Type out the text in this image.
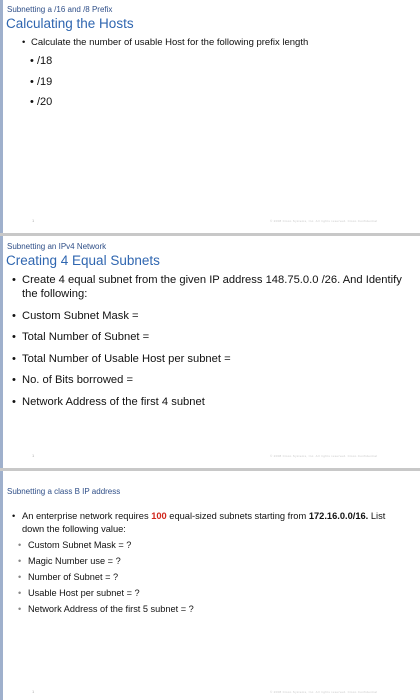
Subnetting a /16 and /8 Prefix
Calculating the Hosts
• Calculate the number of usable Host for the following prefix length
• /18
• /19
• /20
1	© 2008 Cisco Systems, Inc. All rights reserved. Cisco Confidential
Subnetting an IPv4 Network
Creating 4 Equal Subnets
• Create 4 equal subnet from the given IP address 148.75.0.0 /26. And Identify the following:
• Custom Subnet Mask =
• Total Number of Subnet =
• Total Number of Usable Host per subnet =
• No. of Bits borrowed =
• Network Address of the first 4 subnet
1	© 2008 Cisco Systems, Inc. All rights reserved. Cisco Confidential
Subnetting a class B IP address
• An enterprise network requires 100 equal-sized subnets starting from 172.16.0.0/16. List down the following value:
• Custom Subnet Mask = ?
• Magic Number use = ?
• Number of Subnet = ?
• Usable Host per subnet = ?
• Network Address of the first 5 subnet = ?
1	© 2008 Cisco Systems, Inc. All rights reserved. Cisco Confidential
